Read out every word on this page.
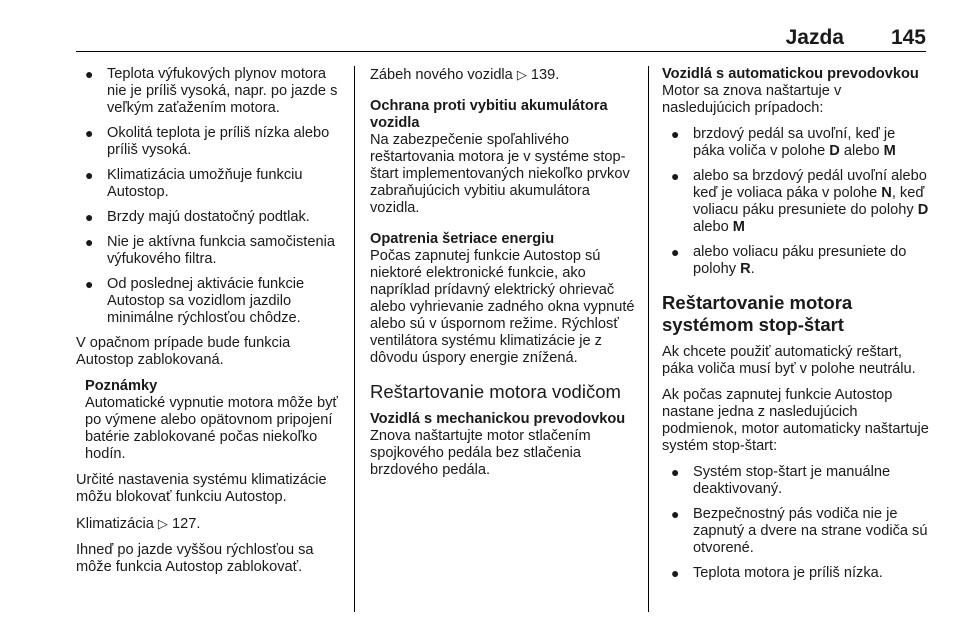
Jazda 145
● Teplota výfukových plynov motora nie je príliš vysoká, napr. po jazde s veľkým zaťažením motora.
● Okolitá teplota je príliš nízka alebo príliš vysoká.
● Klimatizácia umožňuje funkciu Autostop.
● Brzdy majú dostatočný podtlak.
● Nie je aktívna funkcia samočistenia výfukového filtra.
● Od poslednej aktivácie funkcie Autostop sa vozidlom jazdilo minimálne rýchlosťou chôdze.

V opačnom prípade bude funkcia Autostop zablokovaná.

Poznámky
Automatické vypnutie motora môže byť po výmene alebo opätovnom pripojení batérie zablokované počas niekoľko hodín.

Určité nastavenia systému klimatizácie môžu blokovať funkciu Autostop.

Klimatizácia ▷ 127.

Ihneď po jazde vyššou rýchlosťou sa môže funkcia Autostop zablokovať.

Zábeh nového vozidla ▷ 139.

Ochrana proti vybitiu akumulátora vozidla

Na zabezpečenie spoľahlivého reštartovania motora je v systéme stop-štart implementovaných niekoľko prvkov zabraňujúcich vybitiu akumulátora vozidla.

Opatrenia šetriace energiu

Počas zapnutej funkcie Autostop sú niektoré elektronické funkcie, ako napríklad prídavný elektrický ohrievač alebo vyhrievanie zadného okna vypnuté alebo sú v úspornom režime. Rýchlosť ventilátora systému klimatizácie je z dôvodu úspory energie znížená.

Reštartovanie motora vodičom
Vozidlá s mechanickou prevodovkou

Znova naštartujte motor stlačením spojkového pedála bez stlačenia brzdového pedála.

Vozidlá s automatickou prevodovkou

Motor sa znova naštartuje v nasledujúcich prípadoch:

● brzdový pedál sa uvoľní, keď je páka voliča v polohe D alebo M
● alebo sa brzdový pedál uvoľní alebo keď je voliaca páka v polohe N, keď voliacu páku presuniete do polohy D alebo M
● alebo voliacu páku presuniete do polohy R.
Reštartovanie motora systémom stop-štart

Ak chcete použiť automatický reštart, páka voliča musí byť v polohe neutrálu.

Ak počas zapnutej funkcie Autostop nastane jedna z nasledujúcich podmienok, motor automaticky naštartuje systém stop-štart:

● Systém stop-štart je manuálne deaktivovaný.
● Bezpečnostný pás vodiča nie je zapnutý a dvere na strane vodiča sú otvorené.
● Teplota motora je príliš nízka.
